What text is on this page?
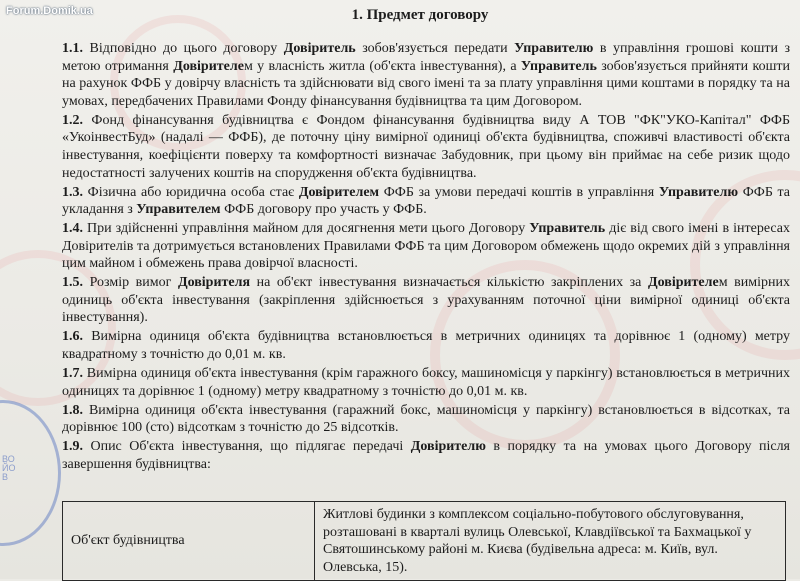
ВОЙОВ
Forum.Domik.ua	1. Предмет договору

1.1. Відповідно до цього договору Довіритель зобов'язується передати Управителю в управління грошові кошти з метою отримання Довірителем у власність житла (об'єкта інвестування), а Управитель зобов'язується прийняти кошти на рахунок ФФБ у довірчу власність та здійснювати від свого імені та за плату управління цими коштами в порядку та на умовах, передбачених Правилами Фонду фінансування будівництва та цим Договором.

1.2. Фонд фінансування будівництва є Фондом фінансування будівництва виду А ТОВ "ФК"УКО-Капітал" ФФБ «УкоінвестБуд» (надалі — ФФБ), де поточну ціну вимірної одиниці об'єкта будівництва, споживчі властивості об'єкта інвестування, коефіцієнти поверху та комфортності визначає Забудовник, при цьому він приймає на себе ризик щодо недостатності залучених коштів на спорудження об'єкта будівництва.

1.3. Фізична або юридична особа стає Довірителем ФФБ за умови передачі коштів в управління Управителю ФФБ та укладання з Управителем ФФБ договору про участь у ФФБ.

1.4. При здійсненні управління майном для досягнення мети цього Договору Управитель діє від свого імені в інтересах Довірителів та дотримується встановлених Правилами ФФБ та цим Договором обмежень щодо окремих дій з управління цим майном і обмежень права довірчої власності.

1.5. Розмір вимог Довірителя на об'єкт інвестування визначається кількістю закріплених за Довірителем вимірних одиниць об'єкта інвестування (закріплення здійснюється з урахуванням поточної ціни вимірної одиниці об'єкта інвестування).

1.6. Вимірна одиниця об'єкта будівництва встановлюється в метричних одиницях та дорівнює 1 (одному) метру квадратному з точністю до 0,01 м. кв.

1.7. Вимірна одиниця об'єкта інвестування (крім гаражного боксу, машиномісця у паркінгу) встановлюється в метричних одиницях та дорівнює 1 (одному) метру квадратному з точністю до 0,01 м. кв.

1.8. Вимірна одиниця об'єкта інвестування (гаражний бокс, машиномісця у паркінгу) встановлюється в відсотках, та дорівнює 100 (сто) відсоткам з точністю до 25 відсотків.

1.9. Опис Об'єкта інвестування, що підлягає передачі Довірителю в порядку та на умовах цього Договору після завершення будівництва:

Об'єкт будівництва	Житлові будинки з комплексом соціально-побутового обслуговування, розташовані в кварталі вулиць Олевської, Клавдіївської та Бахмацької у Святошинському районі м. Києва (будівельна адреса: м. Київ, вул. Олевська, 15).
